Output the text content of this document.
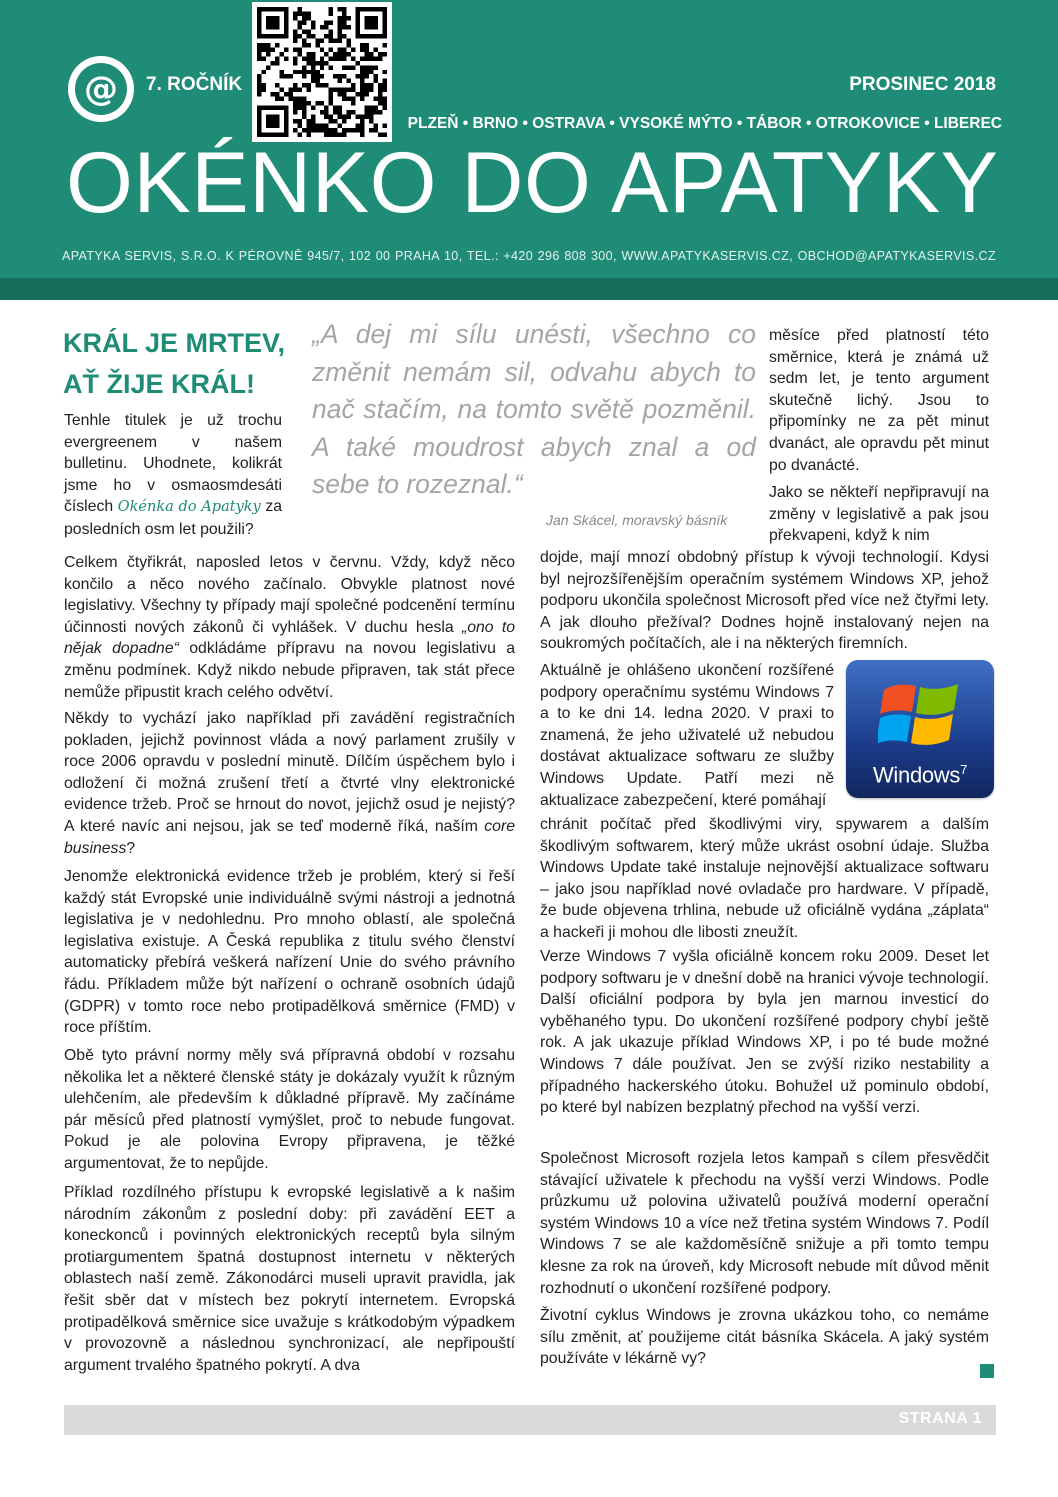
@ 7. ROČNÍK	PROSINEC 2018
PLZEŇ • BRNO • OSTRAVA • VYSOKÉ MÝTO • TÁBOR • OTROKOVICE • LIBEREC
OKÉNKO DO APATYKY
APATYKA SERVIS, S.R.O. K PÉROVNĚ 945/7, 102 00 PRAHA 10, TEL.: +420 296 808 300, WWW.APATYKASERVIS.CZ, OBCHOD@APATYKASERVIS.CZ
KRÁL JE MRTEV,
AŤ ŽIJE KRÁL!
„A dej mi sílu unésti, všechno co změnit nemám sil, odvahu abych to nač stačím, na tomto světě pozměnil. A také moudrost abych znal a od sebe to rozeznal.“
Jan Skácel, moravský básník
Tenhle titulek je už trochu evergreenem v našem bulletinu. Uhodnete, kolikrát jsme ho v osmaosmdesáti číslech Okénka do Apatyky za posledních osm let použili?
Celkem čtyřikrát, naposled letos v červnu. Vždy, když něco končilo a něco nového začínalo. Obvykle platnost nové legislativy. Všechny ty případy mají společné podcenění termínu účinnosti nových zákonů či vyhlášek. V duchu hesla „ono to nějak dopadne“ odkládáme přípravu na novou legislativu a změnu podmínek. Když nikdo nebude připraven, tak stát přece nemůže připustit krach celého odvětví.
Někdy to vychází jako například při zavádění registračních pokladen, jejichž povinnost vláda a nový parlament zrušily v roce 2006 opravdu v poslední minutě. Dílčím úspěchem bylo i odložení či možná zrušení třetí a čtvrté vlny elektronické evidence tržeb. Proč se hrnout do novot, jejichž osud je nejistý? A které navíc ani nejsou, jak se teď moderně říká, naším core business?
Jenomže elektronická evidence tržeb je problém, který si řeší každý stát Evropské unie individuálně svými nástroji a jednotná legislativa je v nedohlednu. Pro mnoho oblastí, ale společná legislativa existuje. A Česká republika z titulu svého členství automaticky přebírá veškerá nařízení Unie do svého právního řádu. Příkladem může být nařízení o ochraně osobních údajů (GDPR) v tomto roce nebo protipadělková směrnice (FMD) v roce příštím.
Obě tyto právní normy měly svá přípravná období v rozsahu několika let a některé členské státy je dokázaly využít k různým ulehčením, ale především k důkladné přípravě. My začínáme pár měsíců před platností vymýšlet, proč to nebude fungovat. Pokud je ale polovina Evropy připravena, je těžké argumentovat, že to nepůjde.
Příklad rozdílného přístupu k evropské legislativě a k našim národním zákonům z poslední doby: při zavádění EET a koneckonců i povinných elektronických receptů byla silným protiargumentem špatná dostupnost internetu v některých oblastech naší země. Zákonodárci museli upravit pravidla, jak řešit sběr dat v místech bez pokrytí internetem. Evropská protipadělková směrnice sice uvažuje s krátkodobým výpadkem v provozovně a následnou synchronizací, ale nepřipouští argument trvalého špatného pokrytí. A dva
měsíce před platností této směrnice, která je známá už sedm let, je tento argument skutečně lichý. Jsou to připomínky ne za pět minut dvanáct, ale opravdu pět minut po dvanácté.
Jako se někteří nepřipravují na změny v legislativě a pak jsou překvapeni, když k nim
dojde, mají mnozí obdobný přístup k vývoji technologií. Kdysi byl nejrozšířenějším operačním systémem Windows XP, jehož podporu ukončila společnost Microsoft před více než čtyřmi lety. A jak dlouho přežíval? Dodnes hojně instalovaný nejen na soukromých počítačích, ale i na některých firemních.
Aktuálně je ohlášeno ukončení rozšířené podpory operačnímu systému Windows 7 a to ke dni 14. ledna 2020. V praxi to znamená, že jeho uživatelé už nebudou dostávat aktualizace softwaru ze služby Windows Update. Patří mezi ně aktualizace zabezpečení, které pomáhají
Windows$^7$
chránit počítač před škodlivými viry, spywarem a dalším škodlivým softwarem, který může ukrást osobní údaje. Služba Windows Update také instaluje nejnovější aktualizace softwaru – jako jsou například nové ovladače pro hardware. V případě, že bude objevena trhlina, nebude už oficiálně vydána „záplata“ a hackeři ji mohou dle libosti zneužít.
Verze Windows 7 vyšla oficiálně koncem roku 2009. Deset let podpory softwaru je v dnešní době na hranici vývoje technologií. Další oficiální podpora by byla jen marnou investicí do vyběhaného typu. Do ukončení rozšířené podpory chybí ještě rok. A jak ukazuje příklad Windows XP, i po té bude možné Windows 7 dále používat. Jen se zvýší riziko nestability a případného hackerského útoku. Bohužel už pominulo období, po které byl nabízen bezplatný přechod na vyšší verzi.
Společnost Microsoft rozjela letos kampaň s cílem přesvědčit stávající uživatele k přechodu na vyšší verzi Windows. Podle průzkumu už polovina uživatelů používá moderní operační systém Windows 10 a více než třetina systém Windows 7. Podíl Windows 7 se ale každoměsíčně snižuje a při tomto tempu klesne za rok na úroveň, kdy Microsoft nebude mít důvod měnit rozhodnutí o ukončení rozšířené podpory.
Životní cyklus Windows je zrovna ukázkou toho, co nemáme sílu změnit, ať použijeme citát básníka Skácela. A jaký systém používáte v lékárně vy?
STRANA 1
